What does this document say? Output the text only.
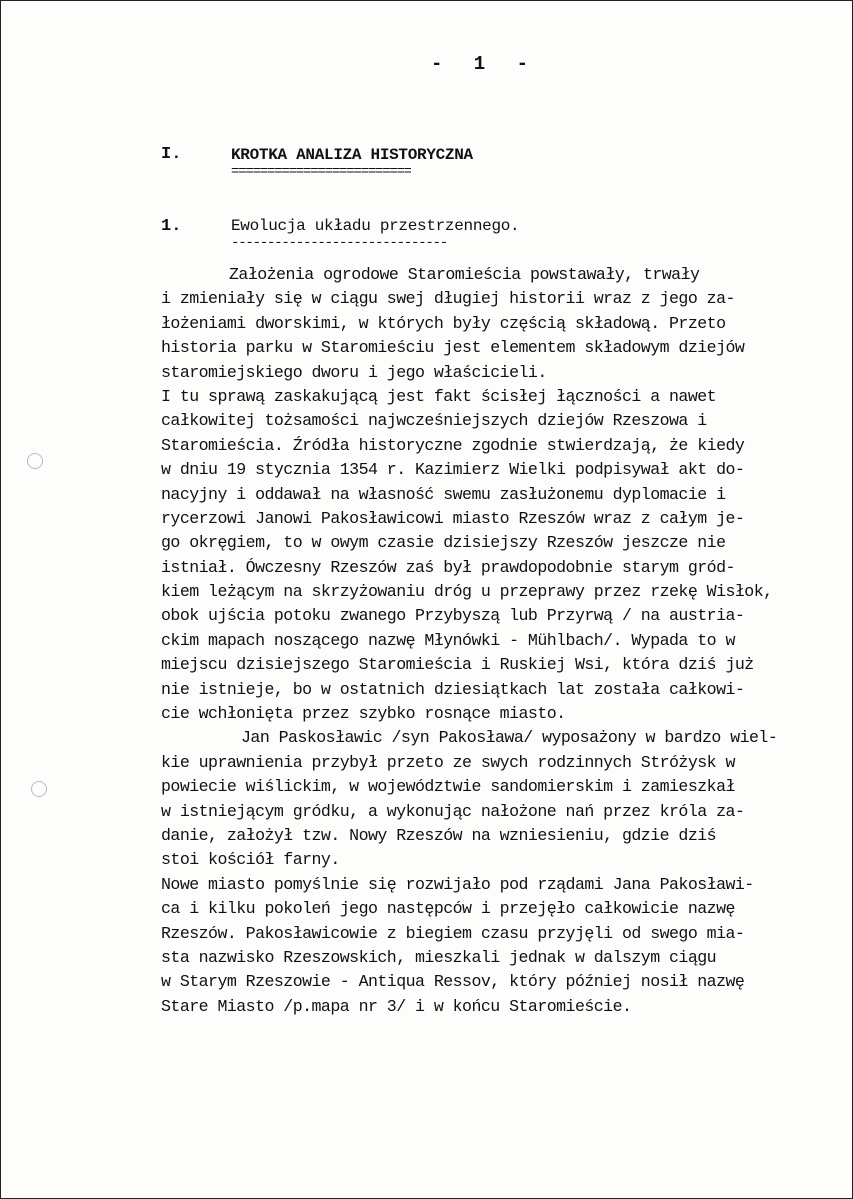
- 1 -
I.	KROTKA ANALIZA HISTORYCZNA
=========================
1.	Ewolucja układu przestrzennego.
------------------------------
Założenia ogrodowe Staromieścia powstawały, trwały
i zmieniały się w ciągu swej długiej historii wraz z jego za-
łożeniami dworskimi, w których były częścią składową. Przeto
historia parku w Staromieściu jest elementem składowym dziejów
staromiejskiego dworu i jego właścicieli.
I tu sprawą zaskakującą jest fakt ścisłej łączności a nawet
całkowitej tożsamości najwcześniejszych dziejów Rzeszowa i
Staromieścia. Źródła historyczne zgodnie stwierdzają, że kiedy
w dniu 19 stycznia 1354 r. Kazimierz Wielki podpisywał akt do-
nacyjny i oddawał na własność swemu zasłużonemu dyplomacie i
rycerzowi Janowi Pakosławicowi miasto Rzeszów wraz z całym je-
go okręgiem, to w owym czasie dzisiejszy Rzeszów jeszcze nie
istniał. Ówczesny Rzeszów zaś był prawdopodobnie starym gród-
kiem leżącym na skrzyżowaniu dróg u przeprawy przez rzekę Wisłok,
obok ujścia potoku zwanego Przybyszą lub Przyrwą / na austria-
ckim mapach noszącego nazwę Młynówki - Mühlbach/. Wypada to w
miejscu dzisiejszego Staromieścia i Ruskiej Wsi, która dziś już
nie istnieje, bo w ostatnich dziesiątkach lat została całkowi-
cie wchłonięta przez szybko rosnące miasto.
Jan Paskosławic /syn Pakosława/ wyposażony w bardzo wiel-
kie uprawnienia przybył przeto ze swych rodzinnych Stróżysk w
powiecie wiślickim, w województwie sandomierskim i zamieszkał
w istniejącym gródku, a wykonując nałożone nań przez króla za-
danie, założył tzw. Nowy Rzeszów na wzniesieniu, gdzie dziś
stoi kościół farny.
Nowe miasto pomyślnie się rozwijało pod rządami Jana Pakosławi-
ca i kilku pokoleń jego następców i przejęło całkowicie nazwę
Rzeszów. Pakosławicowie z biegiem czasu przyjęli od swego mia-
sta nazwisko Rzeszowskich, mieszkali jednak w dalszym ciągu
w Starym Rzeszowie - Antiqua Ressov, który później nosił nazwę
Stare Miasto /p.mapa nr 3/ i w końcu Staromieście.
